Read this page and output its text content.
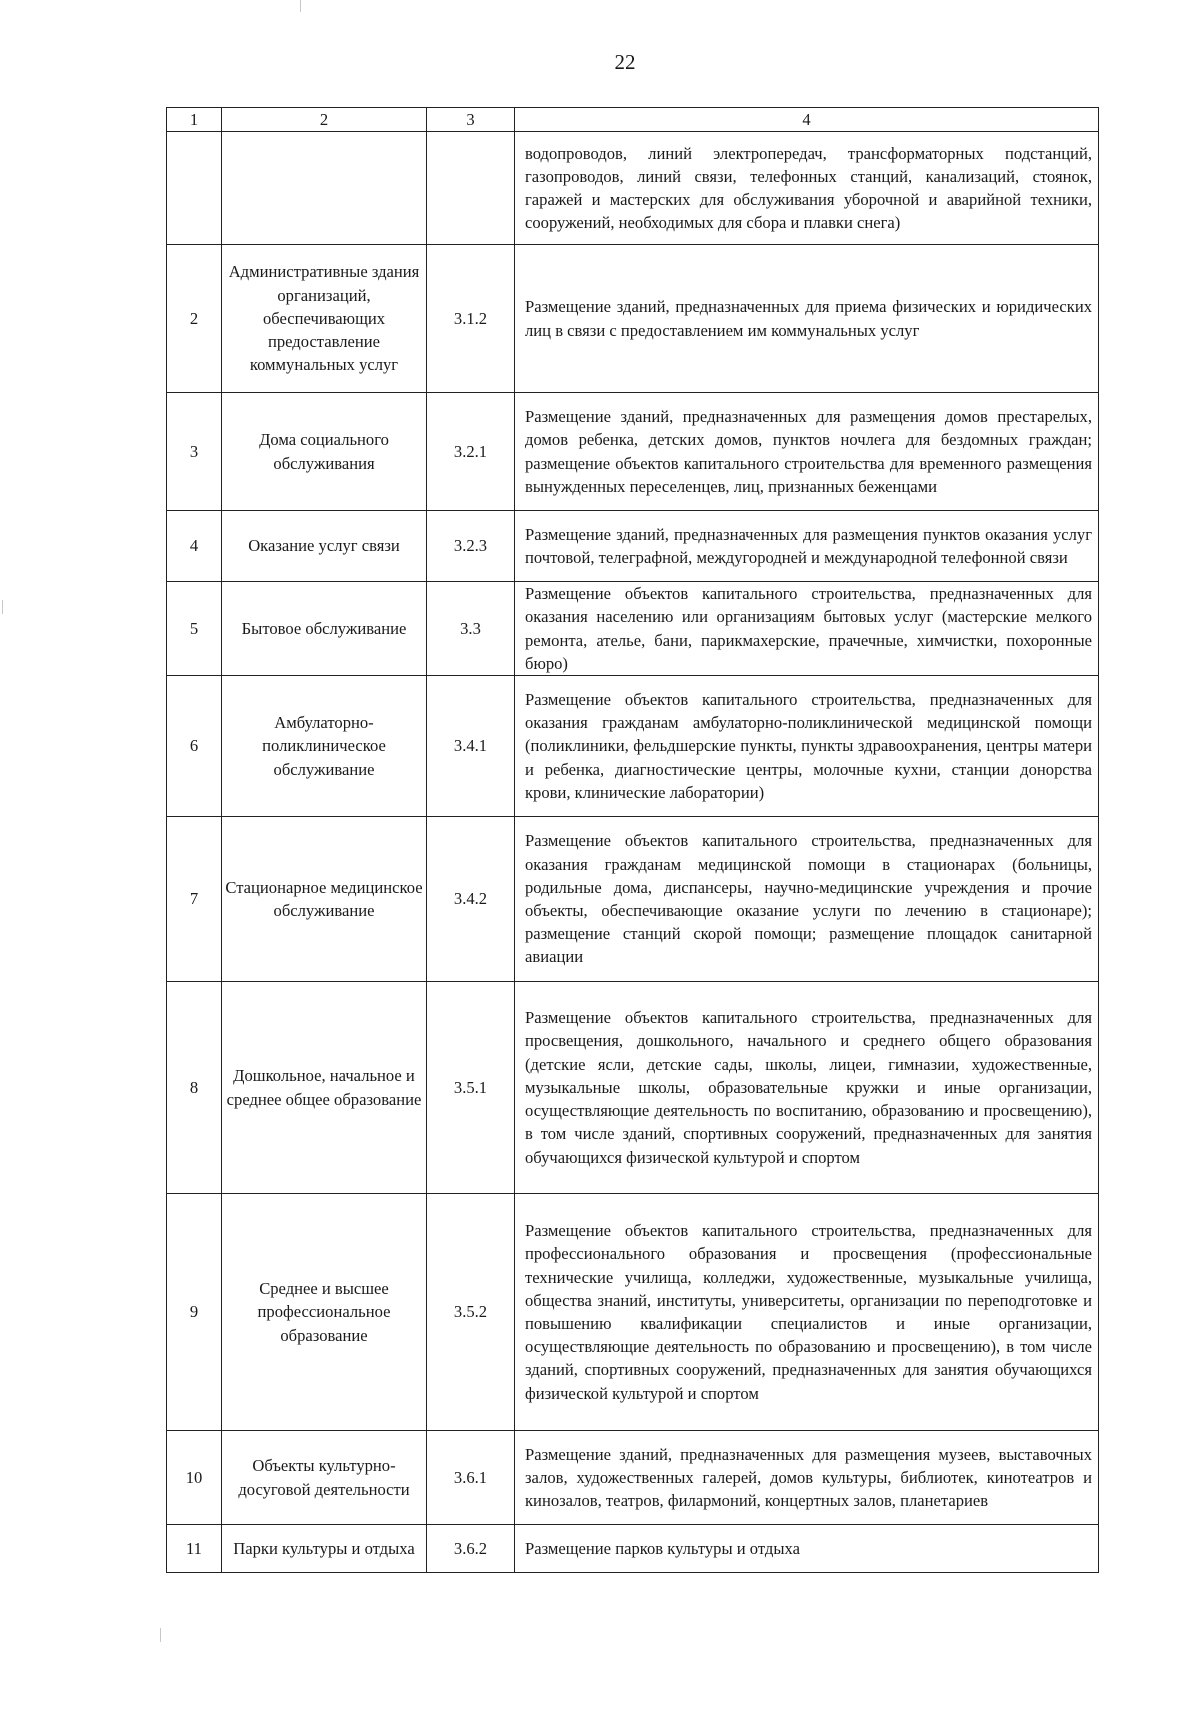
22
1	2	3	4
			водопроводов, линий электропередач, трансформаторных подстанций, газопроводов, линий связи, телефонных станций, канализаций, стоянок, гаражей и мастерских для обслуживания уборочной и аварийной техники, сооружений, необходимых для сбора и плавки снега)
2	Административные здания организаций, обеспечивающих предоставление коммунальных услуг	3.1.2	Размещение зданий, предназначенных для приема физических и юридических лиц в связи с предоставлением им коммунальных услуг
3	Дома социального обслуживания	3.2.1	Размещение зданий, предназначенных для размещения домов престарелых, домов ребенка, детских домов, пунктов ночлега для бездомных граждан; размещение объектов капитального строительства для временного размещения вынужденных переселенцев, лиц, признанных беженцами
4	Оказание услуг связи	3.2.3	Размещение зданий, предназначенных для размещения пунктов оказания услуг почтовой, телеграфной, междугородней и международной телефонной связи
5	Бытовое обслуживание	3.3	Размещение объектов капитального строительства, предназначенных для оказания населению или организациям бытовых услуг (мастерские мелкого ремонта, ателье, бани, парикмахерские, прачечные, химчистки, похоронные бюро)
6	Амбулаторно-поликлиническое обслуживание	3.4.1	Размещение объектов капитального строительства, предназначенных для оказания гражданам амбулаторно-поликлинической медицинской помощи (поликлиники, фельдшерские пункты, пункты здравоохранения, центры матери и ребенка, диагностические центры, молочные кухни, станции донорства крови, клинические лаборатории)
7	Стационарное медицинское обслуживание	3.4.2	Размещение объектов капитального строительства, предназначенных для оказания гражданам медицинской помощи в стационарах (больницы, родильные дома, диспансеры, научно-медицинские учреждения и прочие объекты, обеспечивающие оказание услуги по лечению в стационаре); размещение станций скорой помощи; размещение площадок санитарной авиации
8	Дошкольное, начальное и среднее общее образование	3.5.1	Размещение объектов капитального строительства, предназначенных для просвещения, дошкольного, начального и среднего общего образования (детские ясли, детские сады, школы, лицеи, гимназии, художественные, музыкальные школы, образовательные кружки и иные организации, осуществляющие деятельность по воспитанию, образованию и просвещению), в том числе зданий, спортивных сооружений, предназначенных для занятия обучающихся физической культурой и спортом
9	Среднее и высшее профессиональное образование	3.5.2	Размещение объектов капитального строительства, предназначенных для профессионального образования и просвещения (профессиональные технические училища, колледжи, художественные, музыкальные училища, общества знаний, институты, университеты, организации по переподготовке и повышению квалификации специалистов и иные организации, осуществляющие деятельность по образованию и просвещению), в том числе зданий, спортивных сооружений, предназначенных для занятия обучающихся физической культурой и спортом
10	Объекты культурно-досуговой деятельности	3.6.1	Размещение зданий, предназначенных для размещения музеев, выставочных залов, художественных галерей, домов культуры, библиотек, кинотеатров и кинозалов, театров, филармоний, концертных залов, планетариев
11	Парки культуры и отдыха	3.6.2	Размещение парков культуры и отдыха
